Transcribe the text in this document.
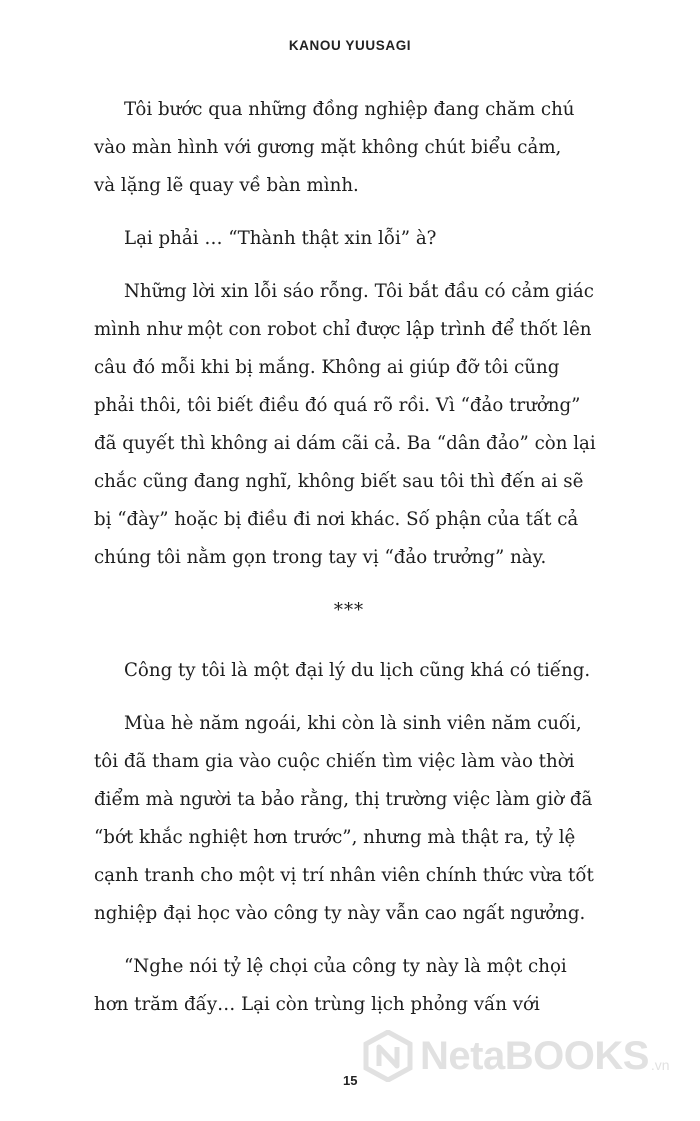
KANOU YUUSAGI

Tôi bước qua những đồng nghiệp đang chăm chú
vào màn hình với gương mặt không chút biểu cảm,
và lặng lẽ quay về bàn mình.

Lại phải … “Thành thật xin lỗi” à?

Những lời xin lỗi sáo rỗng. Tôi bắt đầu có cảm giác
mình như một con robot chỉ được lập trình để thốt lên
câu đó mỗi khi bị mắng. Không ai giúp đỡ tôi cũng
phải thôi, tôi biết điều đó quá rõ rồi. Vì “đảo trưởng”
đã quyết thì không ai dám cãi cả. Ba “dân đảo” còn lại
chắc cũng đang nghĩ, không biết sau tôi thì đến ai sẽ
bị “đày” hoặc bị điều đi nơi khác. Số phận của tất cả
chúng tôi nằm gọn trong tay vị “đảo trưởng” này.

***

Công ty tôi là một đại lý du lịch cũng khá có tiếng.

Mùa hè năm ngoái, khi còn là sinh viên năm cuối,
tôi đã tham gia vào cuộc chiến tìm việc làm vào thời
điểm mà người ta bảo rằng, thị trường việc làm giờ đã
“bớt khắc nghiệt hơn trước”, nhưng mà thật ra, tỷ lệ
cạnh tranh cho một vị trí nhân viên chính thức vừa tốt
nghiệp đại học vào công ty này vẫn cao ngất ngưởng.

“Nghe nói tỷ lệ chọi của công ty này là một chọi
hơn trăm đấy… Lại còn trùng lịch phỏng vấn với

15
NetaBOOKS .vn
